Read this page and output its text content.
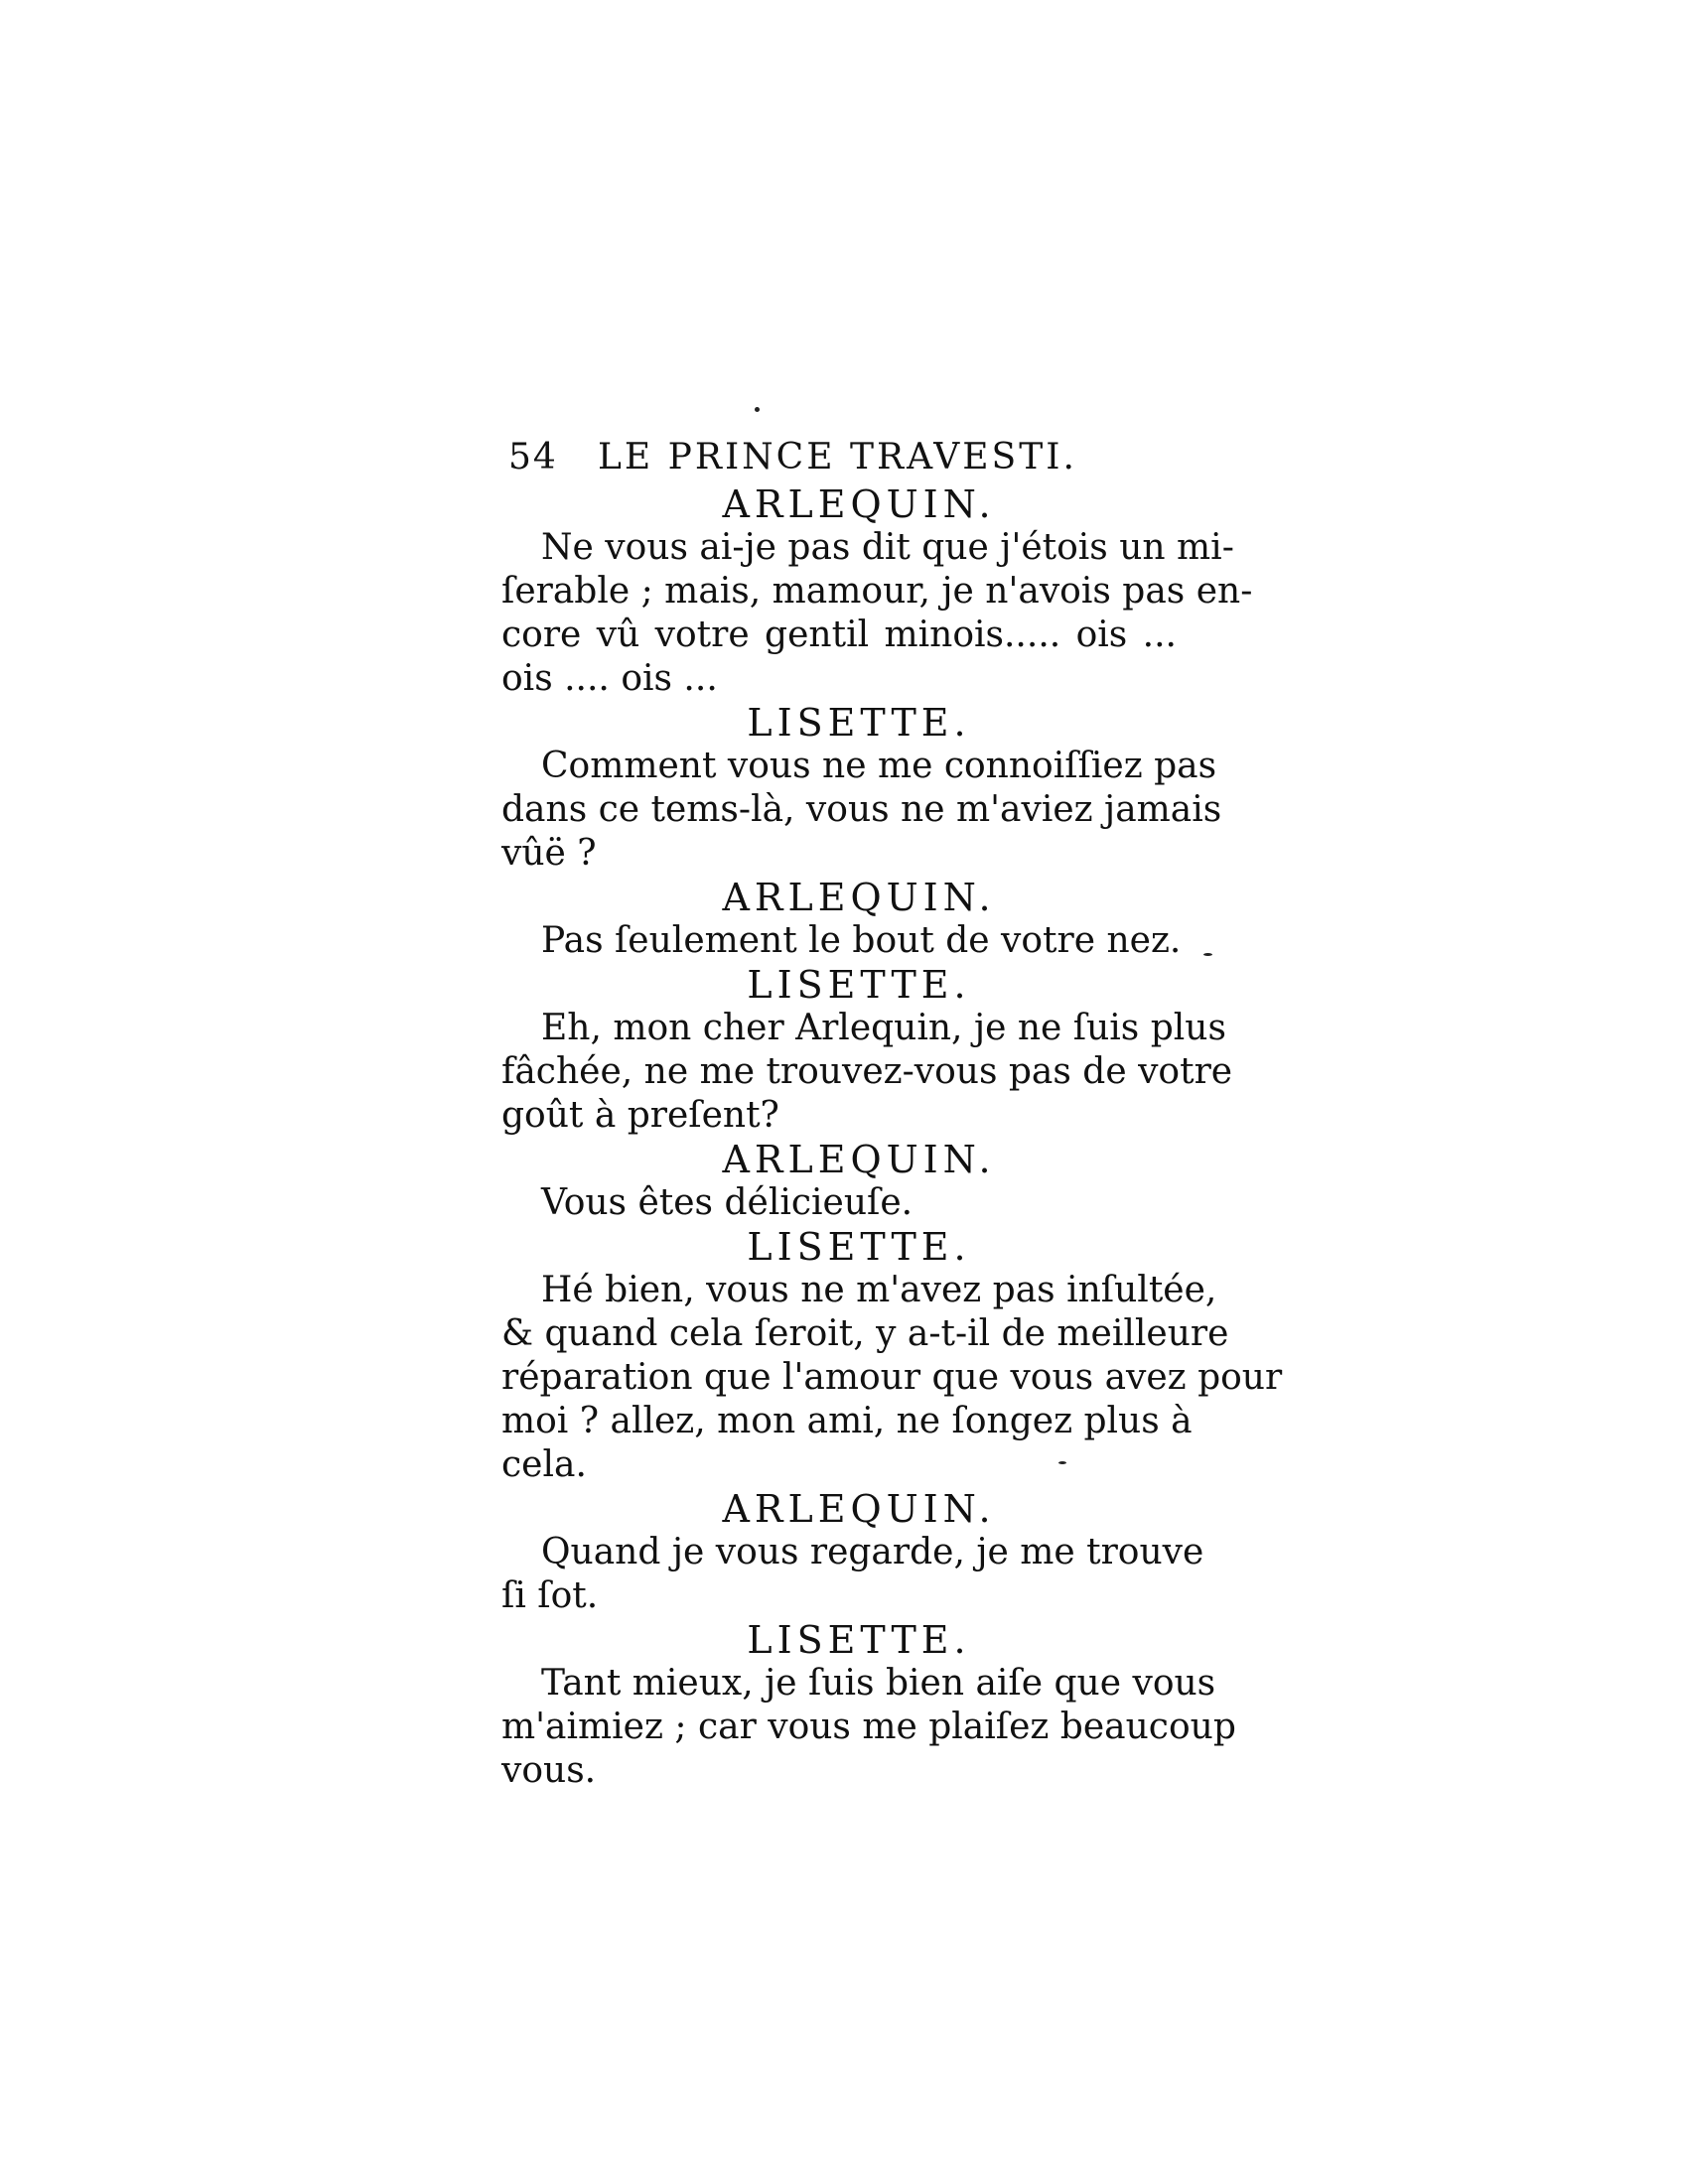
54 LE PRINCE TRAVESTI.
ARLEQUIN.
Ne vous ai-je pas dit que j'étois un mi-
ſerable ; mais, mamour, je n'avois pas en-
core vû votre gentil minois..... ois ...
ois .... ois ...
LISETTE.
Comment vous ne me connoiſſiez pas
dans ce tems-là, vous ne m'aviez jamais
vûë ?
ARLEQUIN.
Pas ſeulement le bout de votre nez.
LISETTE.
Eh, mon cher Arlequin, je ne ſuis plus
fâchée, ne me trouvez-vous pas de votre
goût à preſent?
ARLEQUIN.
Vous êtes délicieuſe.
LISETTE.
Hé bien, vous ne m'avez pas inſultée,
& quand cela ſeroit, y a-t-il de meilleure
réparation que l'amour que vous avez pour
moi ? allez, mon ami, ne ſongez plus à
cela.
ARLEQUIN.
Quand je vous regarde, je me trouve
ſi ſot.
LISETTE.
Tant mieux, je ſuis bien aiſe que vous
m'aimiez ; car vous me plaiſez beaucoup
vous.
